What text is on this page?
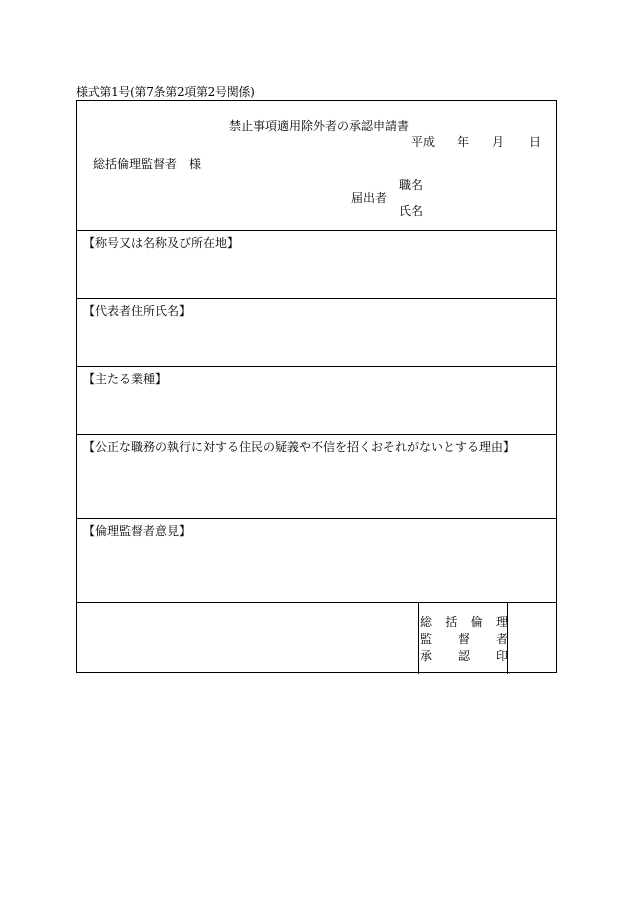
様式第1号(第7条第2項第2号関係)
禁止事項適用除外者の承認申請書
平成 年 月 日
総括倫理監督者　様
職名
届出者
氏名
【称号又は名称及び所在地】
【代表者住所氏名】
【主たる業種】
【公正な職務の執行に対する住民の疑義や不信を招くおそれがないとする理由】
【倫理監督者意見】
総 括 倫 理
監 督 者
承 認 印
